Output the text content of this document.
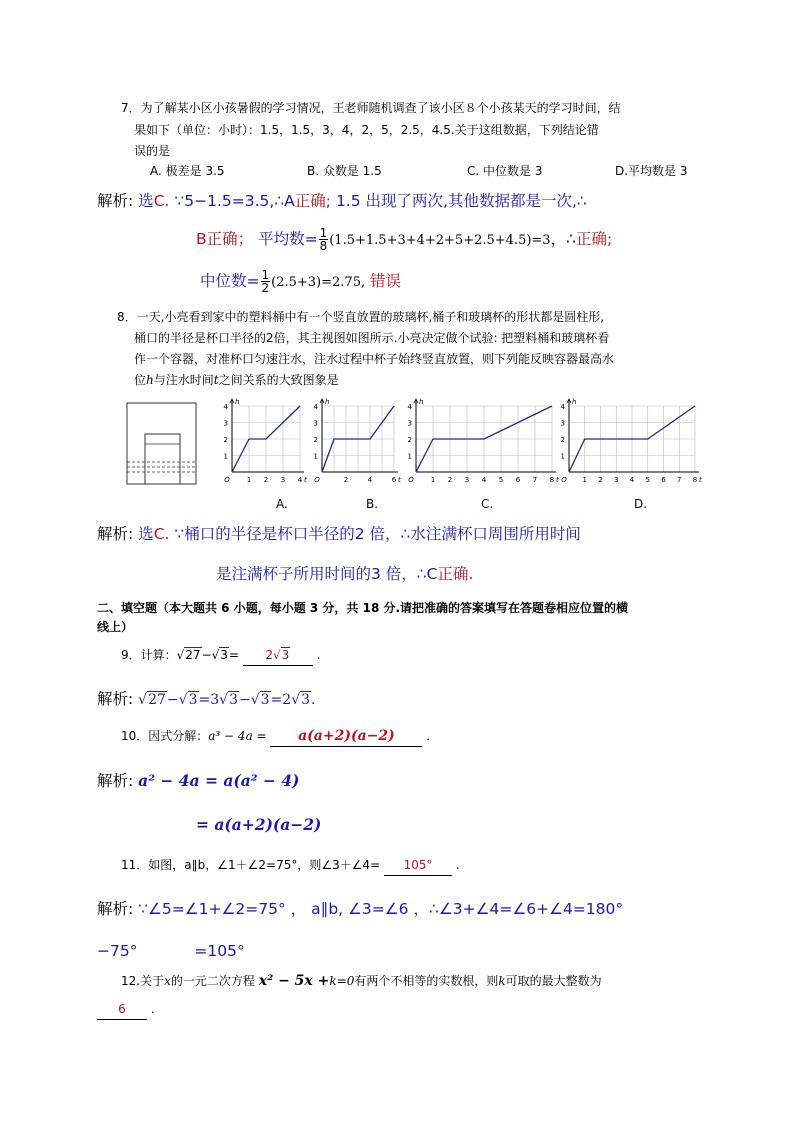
7．为了解某小区小孩暑假的学习情况，王老师随机调查了该小区８个小孩某天的学习时间，结
果如下（单位：小时）：1.5，1.5，3，4，2，5，2.5，4.5.关于这组数据，下列结论错
误的是
A. 极差是 3.5	B. 众数是 1.5	C. 中位数是 3	D.平均数是 3
解析: 选C. ∵5−1.5=3.5,∴A正确; 1.5 出现了两次,其他数据都是一次,∴
B正确； 平均数= $\frac{1}{8} (1.5+1.5+3+4+2+5+2.5+4.5)=3$，∴正确;
中位数= $\frac{1}{2} (2.5+3)=2.75$, 错误
8．一天,小亮看到家中的塑料桶中有一个竖直放置的玻璃杯,桶子和玻璃杯的形状都是圆柱形,
桶口的半径是杯口半径的2倍，其主视图如图所示.小亮决定做个试验: 把塑料桶和玻璃杯看
作一个容器，对准杯口匀速注水，注水过程中杯子始终竖直放置，则下列能反映容器最高水
位h与注水时间t之间关系的大致图象是
1
2
3
4
O 1 2 3 4
h
t
1
2
3
4
O	2	4	6
h
t
1
2
3
4
O 1 2 3 4 5 6 7 8
h
t
1
2
3
4
O 1 2 3 4 5 6 7 8
h
t
A.	B.	C.	D.
解析: 选C. ∵桶口的半径是杯口半径的2 倍，∴水注满杯口周围所用时间
是注满杯子所用时间的3 倍，∴C正确.
二、填空题（本大题共 6 小题，每小题 3 分，共 18 分.请把准确的答案填写在答题卷相应位置的横
线上）
9．计算：√27−√3= 2√3 .
解析: √27−√3=3√3−√3=2√3.
10．因式分解：a³ − 4a = a(a+2)(a−2)	.
解析: a² − 4a = a(a² − 4)
= a(a+2)(a−2)
11．如图，a∥b，∠1＋∠2=75°，则∠3＋∠4= 105° .
解析: ∵∠5=∠1+∠2=75° ， a∥b, ∠3=∠6 ，∴∠3+∠4=∠6+∠4=180°
−75°	=105°
12.关于x的一元二次方程 x² − 5x +k=0有两个不相等的实数根，则k可取的最大整数为
6 .
